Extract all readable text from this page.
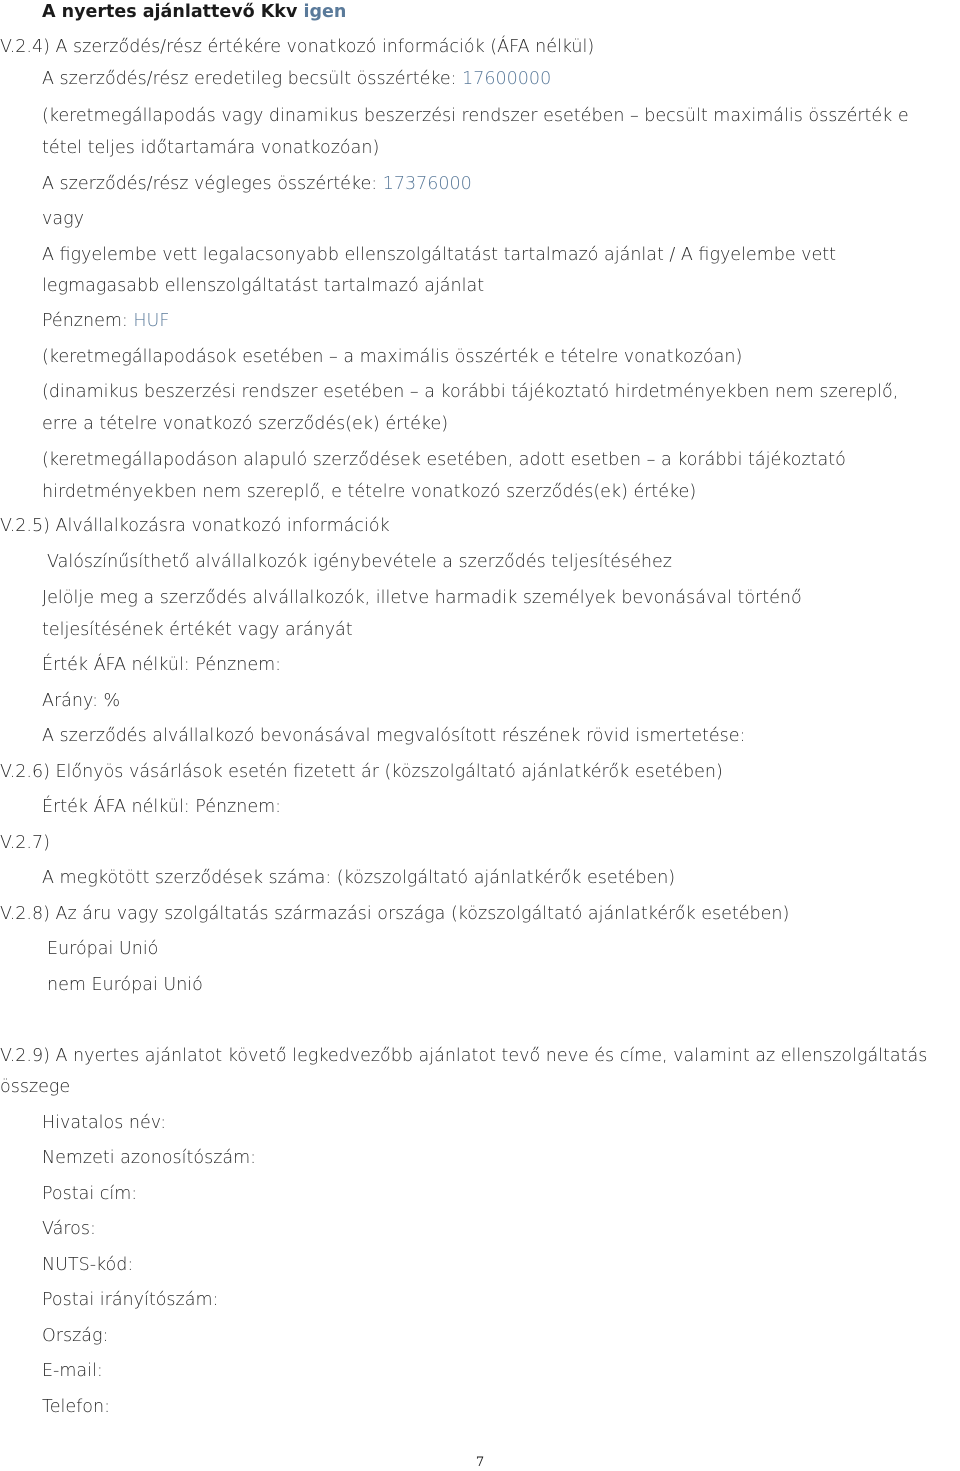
A nyertes ajánlattevő Kkv igen
V.2.4) A szerződés/rész értékére vonatkozó információk (ÁFA nélkül)
A szerződés/rész eredetileg becsült összértéke: 17600000
(keretmegállapodás vagy dinamikus beszerzési rendszer esetében – becsült maximális összérték e
tétel teljes időtartamára vonatkozóan)
A szerződés/rész végleges összértéke: 17376000
vagy
A figyelembe vett legalacsonyabb ellenszolgáltatást tartalmazó ajánlat / A figyelembe vett
legmagasabb ellenszolgáltatást tartalmazó ajánlat
Pénznem: HUF
(keretmegállapodások esetében – a maximális összérték e tételre vonatkozóan)
(dinamikus beszerzési rendszer esetében – a korábbi tájékoztató hirdetményekben nem szereplő,
erre a tételre vonatkozó szerződés(ek) értéke)
(keretmegállapodáson alapuló szerződések esetében, adott esetben – a korábbi tájékoztató
hirdetményekben nem szereplő, e tételre vonatkozó szerződés(ek) értéke)
V.2.5) Alvállalkozásra vonatkozó információk
Valószínűsíthető alvállalkozók igénybevétele a szerződés teljesítéséhez
Jelölje meg a szerződés alvállalkozók, illetve harmadik személyek bevonásával történő
teljesítésének értékét vagy arányát
Érték ÁFA nélkül: Pénznem:
Arány: %
A szerződés alvállalkozó bevonásával megvalósított részének rövid ismertetése:
V.2.6) Előnyös vásárlások esetén fizetett ár (közszolgáltató ajánlatkérők esetében)
Érték ÁFA nélkül: Pénznem:
V.2.7)
A megkötött szerződések száma: (közszolgáltató ajánlatkérők esetében)
V.2.8) Az áru vagy szolgáltatás származási országa (közszolgáltató ajánlatkérők esetében)
Európai Unió
nem Európai Unió
V.2.9) A nyertes ajánlatot követő legkedvezőbb ajánlatot tevő neve és címe, valamint az ellenszolgáltatás
összege
Hivatalos név:
Nemzeti azonosítószám:
Postai cím:
Város:
NUTS-kód:
Postai irányítószám:
Ország:
E-mail:
Telefon:
7
